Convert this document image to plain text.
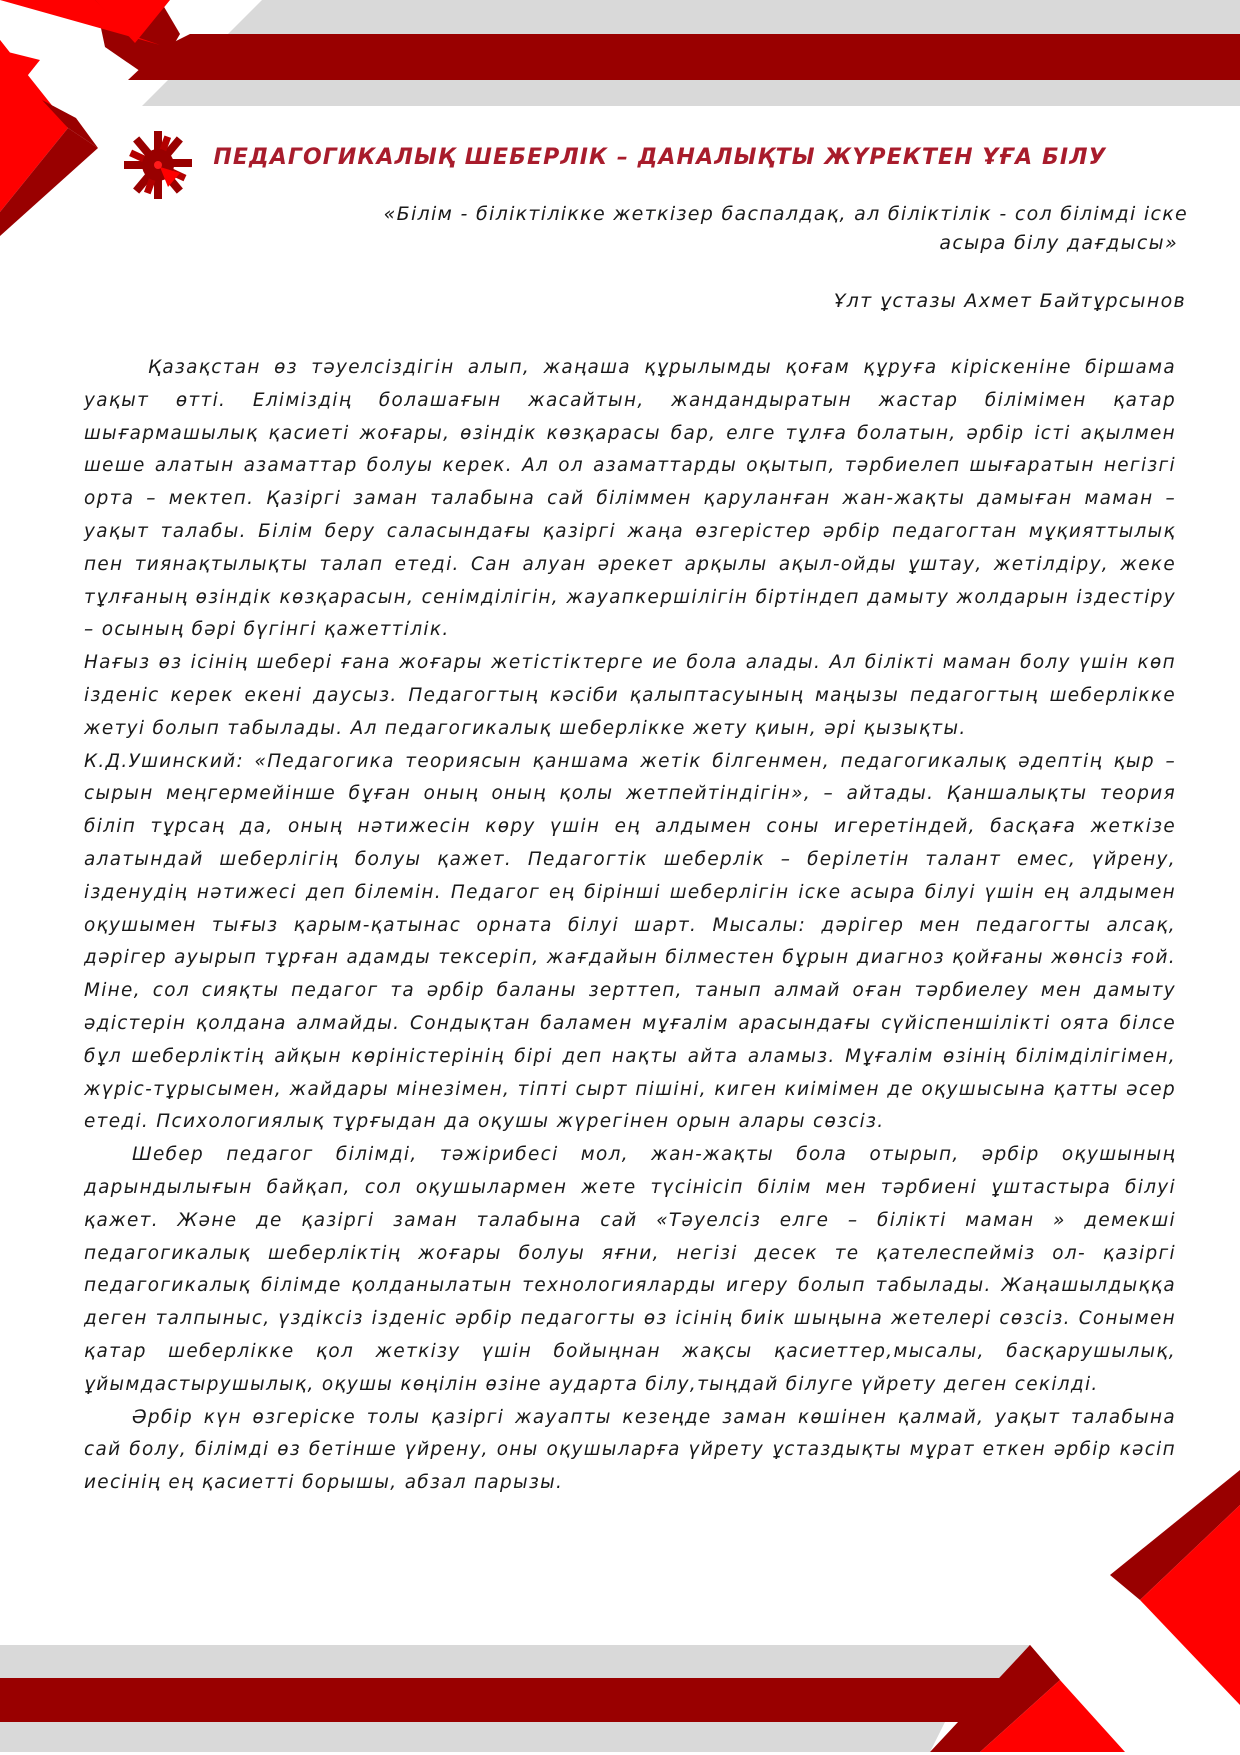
ПЕДАГОГИКАЛЫҚ ШЕБЕРЛІК – ДАНАЛЫҚТЫ ЖҮРЕКТЕН ҰҒА БІЛУ
«Білім - біліктілікке жеткізер баспалдақ, ал біліктілік - сол білімді іске
асыра білу дағдысы»
Ұлт ұстазы Ахмет Байтұрсынов

Қазақстан өз тәуелсіздігін алып, жаңаша құрылымды қоғам құруға кіріскеніне біршама уақыт өтті. Еліміздің болашағын жасайтын, жандандыратын жастар білімімен қатар шығармашылық қасиеті жоғары, өзіндік көзқарасы бар, елге тұлға болатын, әрбір істі ақылмен шеше алатын азаматтар болуы керек. Ал ол азаматтарды оқытып, тәрбиелеп шығаратын негізгі орта – мектеп. Қазіргі заман талабына сай біліммен қаруланған жан-жақты дамыған маман – уақыт талабы. Білім беру саласындағы қазіргі жаңа өзгерістер әрбір педагогтан мұқияттылық пен тиянақтылықты талап етеді. Сан алуан әрекет арқылы ақыл-ойды ұштау, жетілдіру, жеке тұлғаның өзіндік көзқарасын, сенімділігін, жауапкершілігін біртіндеп дамыту жолдарын іздестіру – осының бәрі бүгінгі қажеттілік.

Нағыз өз ісінің шебері ғана жоғары жетістіктерге ие бола алады. Ал білікті маман болу үшін көп ізденіс керек екені даусыз. Педагогтың кәсіби қалыптасуының маңызы педагогтың шеберлікке жетуі болып табылады. Ал педагогикалық шеберлікке жету қиын, әрі қызықты.

К.Д.Ушинский: «Педагогика теориясын қаншама жетік білгенмен, педагогикалық әдептің қыр – сырын меңгермейінше бұған оның оның қолы жетпейтіндігін», – айтады. Қаншалықты теория біліп тұрсаң да, оның нәтижесін көру үшін ең алдымен соны игеретіндей, басқаға жеткізе алатындай шеберлігің болуы қажет. Педагогтік шеберлік – берілетін талант емес, үйрену, ізденудің нәтижесі деп білемін. Педагог ең бірінші шеберлігін іске асыра білуі үшін ең алдымен оқушымен тығыз қарым-қатынас орната білуі шарт. Мысалы: дәрігер мен педагогты алсақ, дәрігер ауырып тұрған адамды тексеріп, жағдайын білместен бұрын диагноз қойғаны жөнсіз ғой. Міне, сол сияқты педагог та әрбір баланы зерттеп, танып алмай оған тәрбиелеу мен дамыту әдістерін қолдана алмайды. Сондықтан баламен мұғалім арасындағы сүйіспеншілікті оята білсе бұл шеберліктің айқын көріністерінің бірі деп нақты айта аламыз. Мұғалім өзінің білімділігімен, жүріс-тұрысымен, жайдары мінезімен, тіпті сырт пішіні, киген киімімен де оқушысына қатты әсер етеді. Психологиялық тұрғыдан да оқушы жүрегінен орын алары сөзсіз.

Шебер педагог білімді, тәжірибесі мол, жан-жақты бола отырып, әрбір оқушының дарындылығын байқап, сол оқушылармен жете түсінісіп білім мен тәрбиені ұштастыра білуі қажет. Және де қазіргі заман талабына сай «Тәуелсіз елге – білікті маман » демекші педагогикалық шеберліктің жоғары болуы яғни, негізі десек те қателеспейміз ол- қазіргі педагогикалық білімде қолданылатын технологияларды игеру болып табылады. Жаңашылдыққа деген талпыныс, үздіксіз ізденіс әрбір педагогты өз ісінің биік шыңына жетелері сөзсіз. Сонымен қатар шеберлікке қол жеткізу үшін бойыңнан жақсы қасиеттер,мысалы, басқарушылық, ұйымдастырушылық, оқушы көңілін өзіне аударта білу,тыңдай білуге үйрету деген секілді.

Әрбір күн өзгеріске толы қазіргі жауапты кезеңде заман көшінен қалмай, уақыт талабына сай болу, білімді өз бетінше үйрену, оны оқушыларға үйрету ұстаздықты мұрат еткен әрбір кәсіп иесінің ең қасиетті борышы, абзал парызы.
